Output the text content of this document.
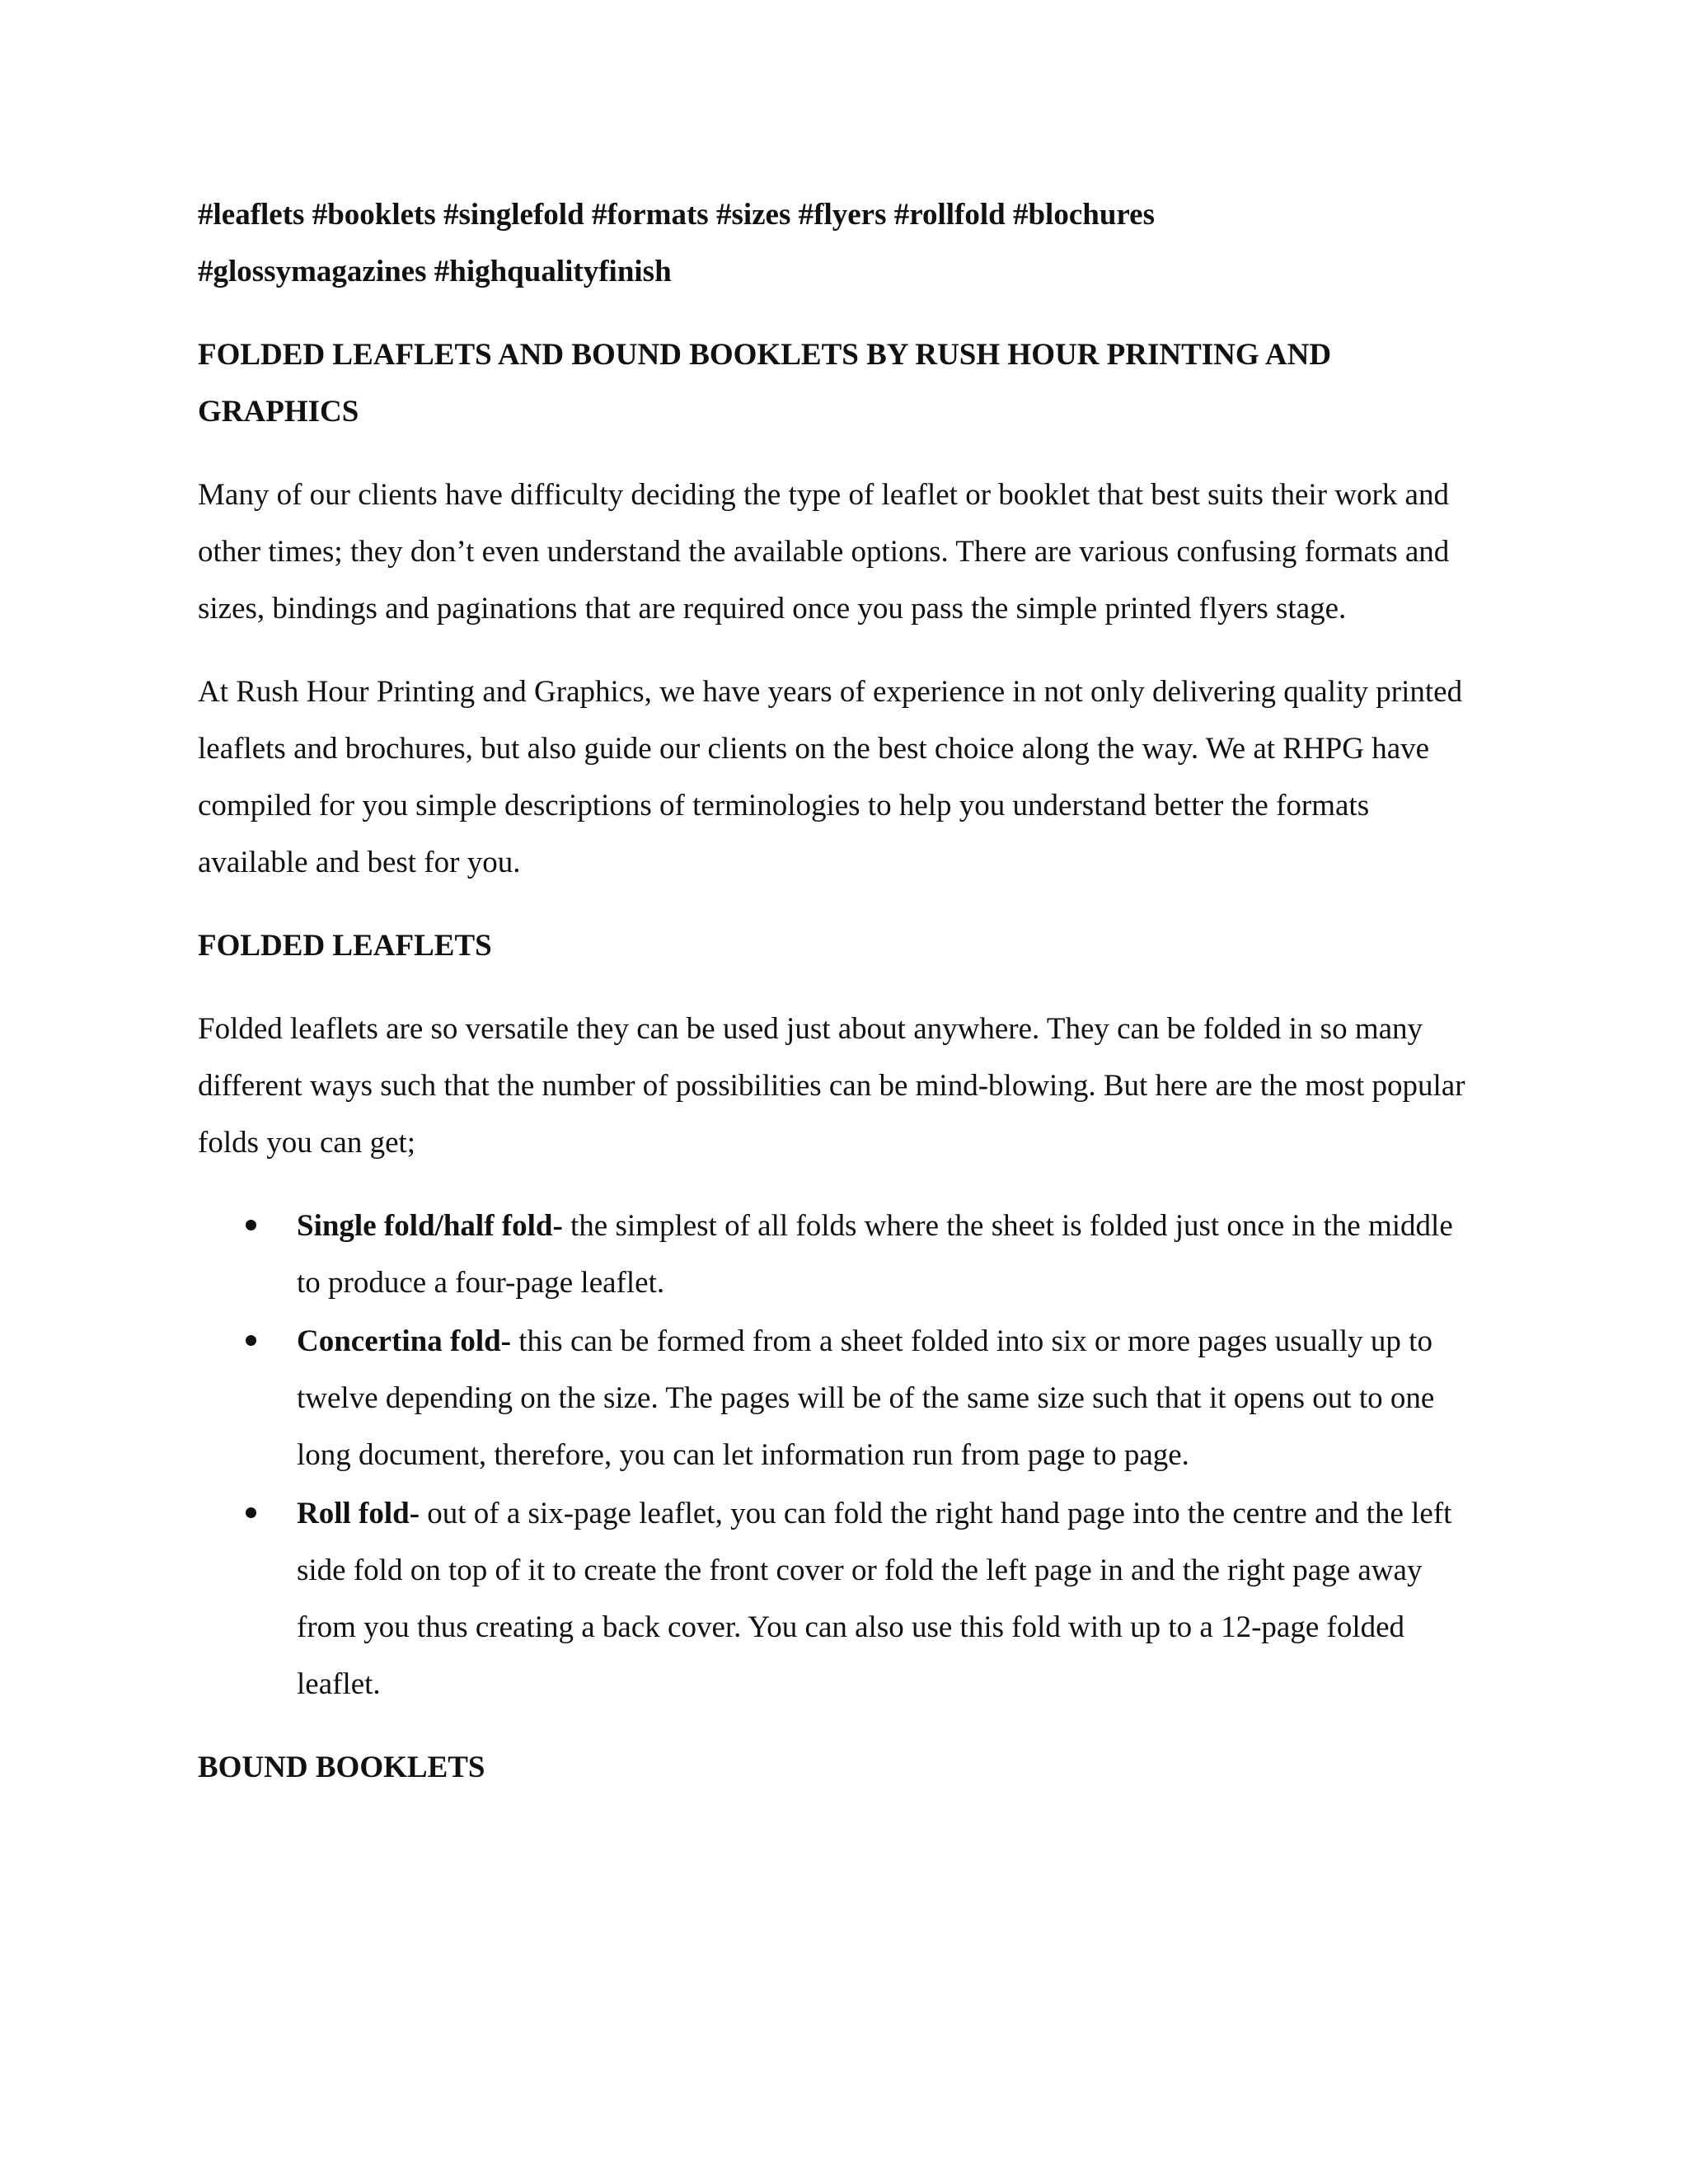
#leaflets #booklets #singlefold #formats #sizes #flyers #rollfold #blochures
#glossymagazines #highqualityfinish
FOLDED LEAFLETS AND BOUND BOOKLETS BY RUSH HOUR PRINTING AND GRAPHICS

Many of our clients have difficulty deciding the type of leaflet or booklet that best suits their work and other times; they don’t even understand the available options. There are various confusing formats and sizes, bindings and paginations that are required once you pass the simple printed flyers stage.

At Rush Hour Printing and Graphics, we have years of experience in not only delivering quality printed leaflets and brochures, but also guide our clients on the best choice along the way. We at RHPG have compiled for you simple descriptions of terminologies to help you understand better the formats available and best for you.

FOLDED LEAFLETS

Folded leaflets are so versatile they can be used just about anywhere. They can be folded in so many different ways such that the number of possibilities can be mind-blowing. But here are the most popular folds you can get;

Single fold/half fold- the simplest of all folds where the sheet is folded just once in the middle to produce a four-page leaflet.
Concertina fold- this can be formed from a sheet folded into six or more pages usually up to twelve depending on the size. The pages will be of the same size such that it opens out to one long document, therefore, you can let information run from page to page.
Roll fold- out of a six-page leaflet, you can fold the right hand page into the centre and the left side fold on top of it to create the front cover or fold the left page in and the right page away from you thus creating a back cover. You can also use this fold with up to a 12-page folded leaflet.
BOUND BOOKLETS
